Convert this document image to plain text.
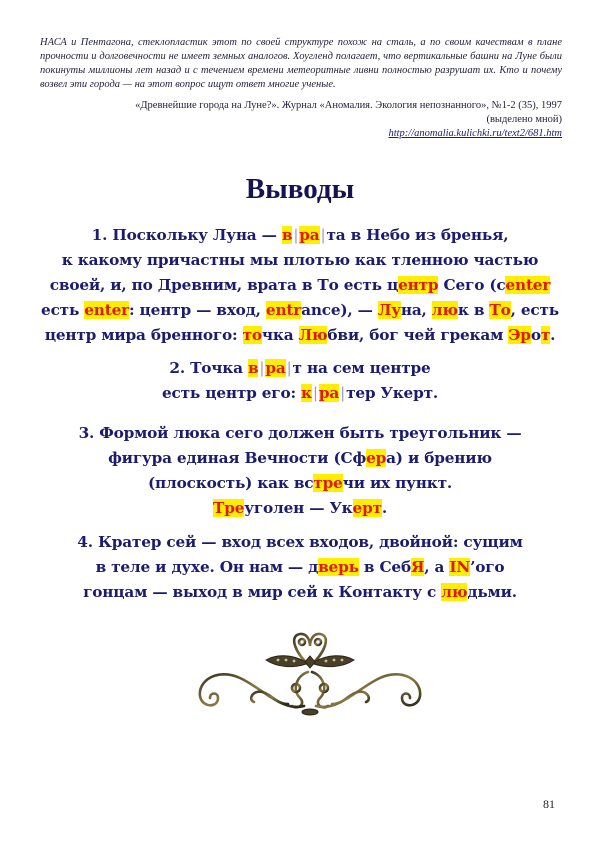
НАСА и Пентагона, стеклопластик этот по своей структуре похож на сталь, а по своим качествам в плане прочности и долговечности не имеет земных аналогов. Хоугленд полагает, что вертикальные башни на Луне были покинуты миллионы лет назад и с течением времени метеоритные ливни полностью разрушат их. Кто и почему возвел эти города — на этот вопрос ищут ответ многие ученые.
«Древнейшие города на Луне?». Журнал «Аномалия. Экология непознанного», №1-2 (35), 1997
(выделено мной)
http://anomalia.kulichki.ru/text2/681.htm
Выводы
1. Поскольку Луна — в|ра|та в Небо из бренья,
к какому причастны мы плотью как тленною частью
своей, и, по Древним, врата в То есть центр Сего (сenter
есть enter: центр — вход, entrance), — Луна, люк в То, есть
центр мира бренного: точка Любви, бог чей грекам Эрот.
2. Точка в|ра|т на сем центре
есть центр его: к|ра|тер Укерт.
3. Формой люка сего должен быть треугольник —
фигура единая Вечности (Сфера) и брению
(плоскость) как встречи их пункт.
Треуголен — Укерт.
4. Кратер сей — вход всех входов, двойной: сущим
в теле и духе. Он нам — дверь в СебЯ, а IN’ого
гонцам — выход в мир сей к Контакту с людьми.
81
